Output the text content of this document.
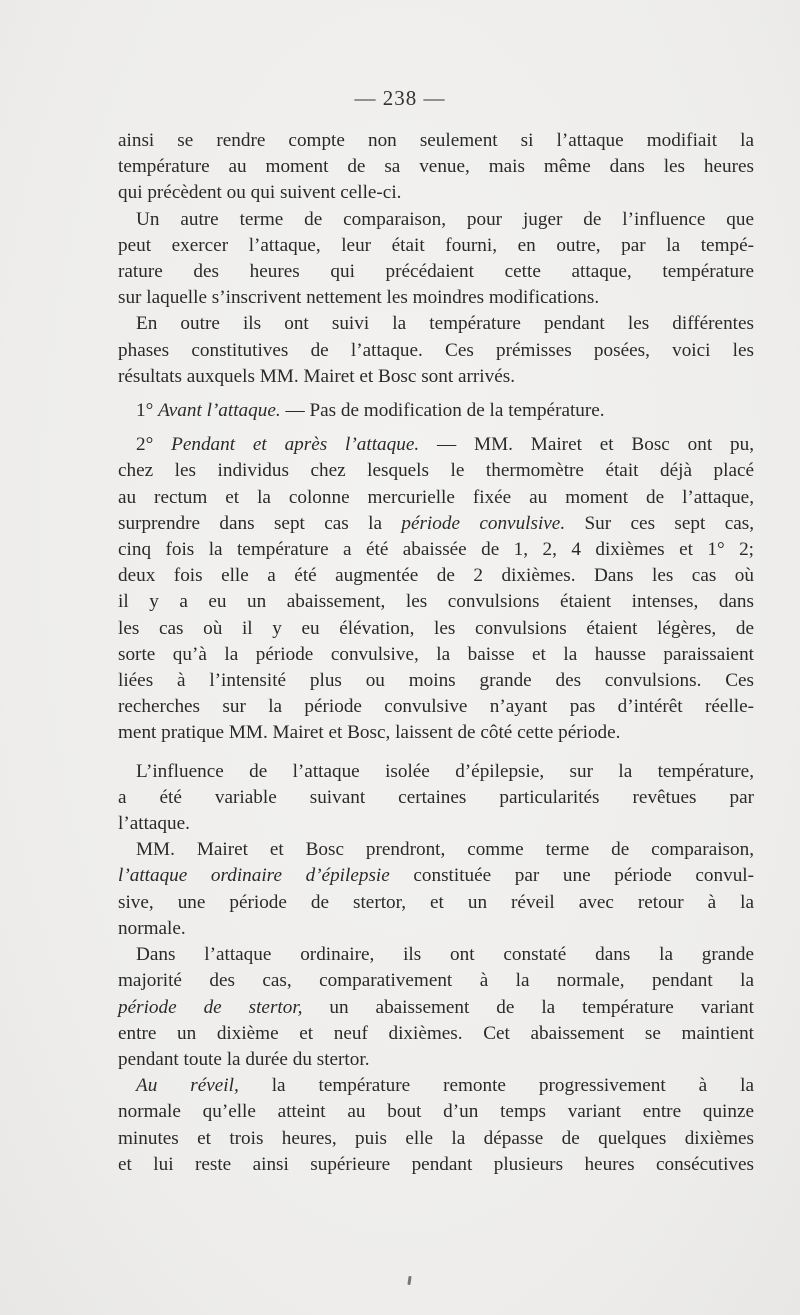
— 238 —
ainsi se rendre compte non seulement si l’attaque modifiait la
température au moment de sa venue, mais même dans les heures
qui précèdent ou qui suivent celle-ci.
Un autre terme de comparaison, pour juger de l’influence que
peut exercer l’attaque, leur était fourni, en outre, par la tempé-
rature des heures qui précédaient cette attaque, température
sur laquelle s’inscrivent nettement les moindres modifications.
En outre ils ont suivi la température pendant les différentes
phases constitutives de l’attaque. Ces prémisses posées, voici les
résultats auxquels MM. Mairet et Bosc sont arrivés.
1° Avant l’attaque. — Pas de modification de la température.
2° Pendant et après l’attaque. — MM. Mairet et Bosc ont pu,
chez les individus chez lesquels le thermomètre était déjà placé
au rectum et la colonne mercurielle fixée au moment de l’attaque,
surprendre dans sept cas la période convulsive. Sur ces sept cas,
cinq fois la température a été abaissée de 1, 2, 4 dixièmes et 1° 2;
deux fois elle a été augmentée de 2 dixièmes. Dans les cas où
il y a eu un abaissement, les convulsions étaient intenses, dans
les cas où il y eu élévation, les convulsions étaient légères, de
sorte qu’à la période convulsive, la baisse et la hausse paraissaient
liées à l’intensité plus ou moins grande des convulsions. Ces
recherches sur la période convulsive n’ayant pas d’intérêt réelle-
ment pratique MM. Mairet et Bosc, laissent de côté cette période.
L’influence de l’attaque isolée d’épilepsie, sur la température,
a été variable suivant certaines particularités revêtues par
l’attaque.
MM. Mairet et Bosc prendront, comme terme de comparaison,
l’attaque ordinaire d’épilepsie constituée par une période convul-
sive, une période de stertor, et un réveil avec retour à la
normale.
Dans l’attaque ordinaire, ils ont constaté dans la grande
majorité des cas, comparativement à la normale, pendant la
période de stertor, un abaissement de la température variant
entre un dixième et neuf dixièmes. Cet abaissement se maintient
pendant toute la durée du stertor.
Au réveil, la température remonte progressivement à la
normale qu’elle atteint au bout d’un temps variant entre quinze
minutes et trois heures, puis elle la dépasse de quelques dixièmes
et lui reste ainsi supérieure pendant plusieurs heures consécutives
